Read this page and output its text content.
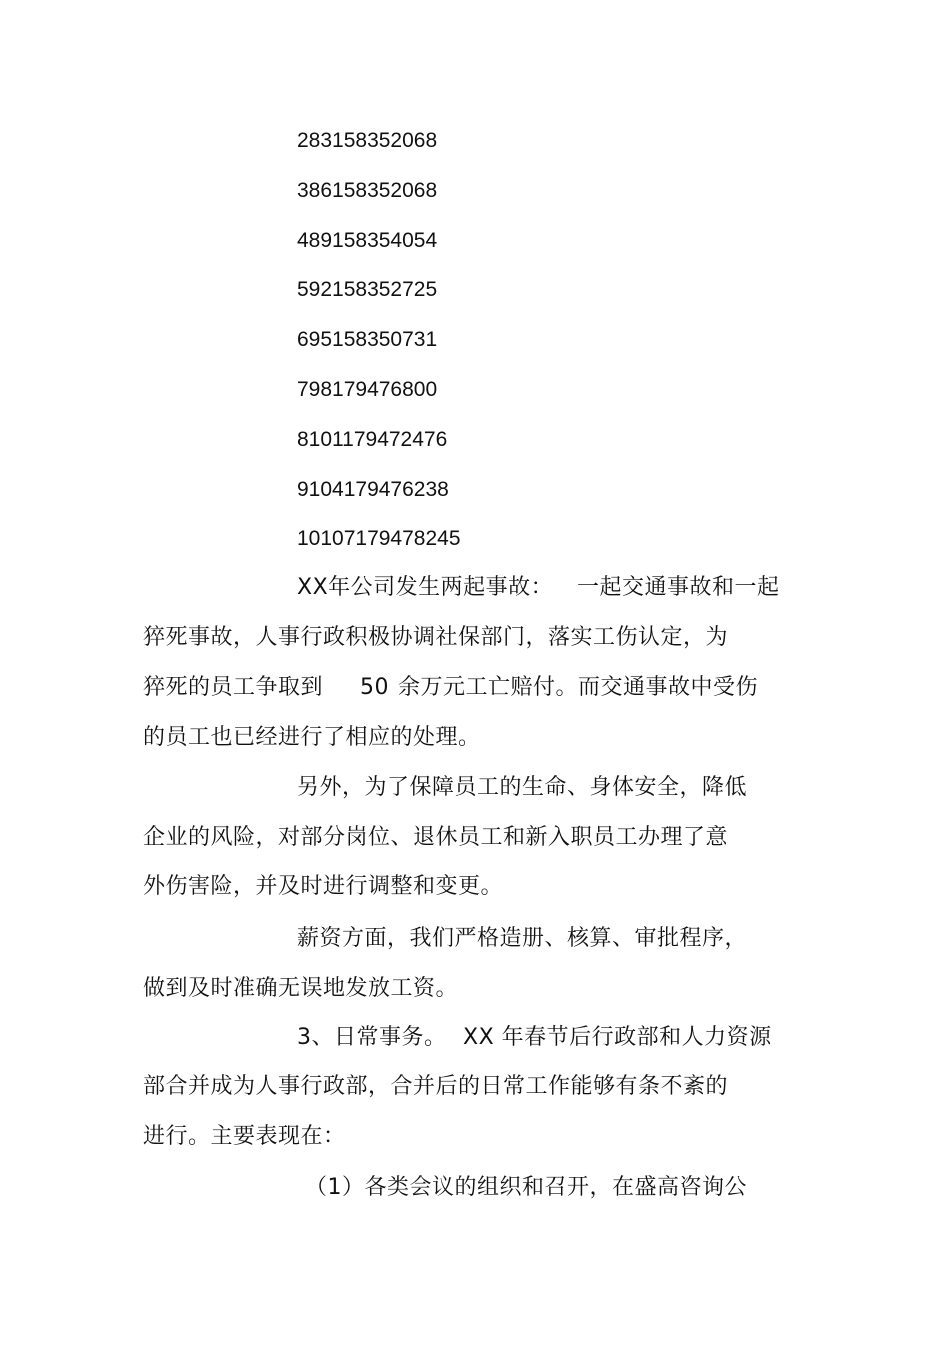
283158352068
386158352068
489158354054
592158352725
695158350731
798179476800
8101179472476
9104179476238
10107179478245
XX年公司发生两起事故： 一起交通事故和一起
猝死事故，人事行政积极协调社保部门，落实工伤认定，为
猝死的员工争取到 50 余万元工亡赔付。而交通事故中受伤
的员工也已经进行了相应的处理。
另外，为了保障员工的生命、身体安全，降低
企业的风险，对部分岗位、退休员工和新入职员工办理了意
外伤害险，并及时进行调整和变更。
薪资方面，我们严格造册、核算、审批程序，
做到及时准确无误地发放工资。
3、日常事务。 XX 年春节后行政部和人力资源
部合并成为人事行政部，合并后的日常工作能够有条不紊的
进行。主要表现在：
（1）各类会议的组织和召开，在盛高咨询公
